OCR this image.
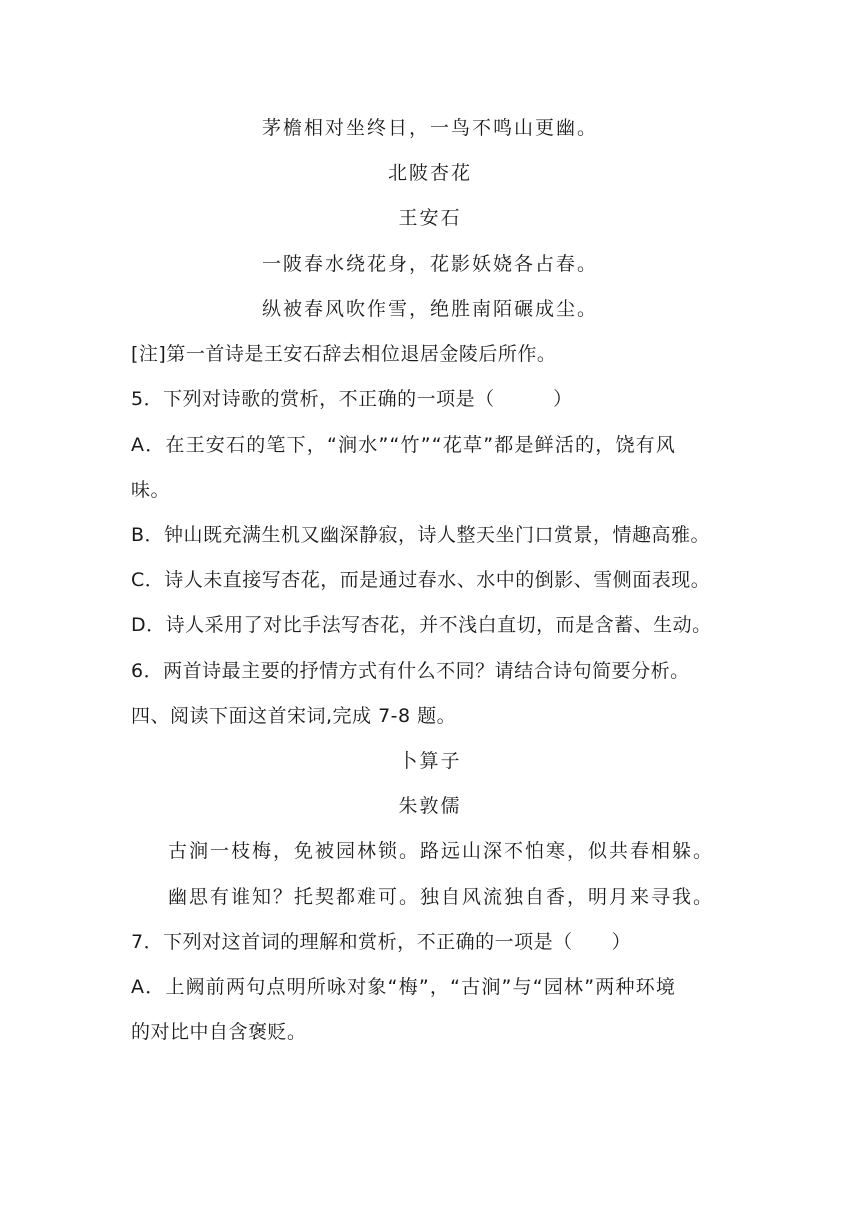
茅檐相对坐终日，一鸟不鸣山更幽。
北陂杏花
王安石
一陂春水绕花身，花影妖娆各占春。
纵被春风吹作雪，绝胜南陌碾成尘。
[注]第一首诗是王安石辞去相位退居金陵后所作。
5．下列对诗歌的赏析，不正确的一项是（　　　）
A．在王安石的笔下，“涧水”“竹”“花草”都是鲜活的，饶有风
味。
B．钟山既充满生机又幽深静寂，诗人整天坐门口赏景，情趣高雅。
C．诗人未直接写杏花，而是通过春水、水中的倒影、雪侧面表现。
D．诗人采用了对比手法写杏花，并不浅白直切，而是含蓄、生动。
6．两首诗最主要的抒情方式有什么不同？请结合诗句简要分析。
四、阅读下面这首宋词,完成 7-8 题。
卜算子
朱敦儒
古涧一枝梅，免被园林锁。路远山深不怕寒，似共春相躲。
幽思有谁知？托契都难可。独自风流独自香，明月来寻我。
7．下列对这首词的理解和赏析，不正确的一项是（　　）
A．上阙前两句点明所咏对象“梅”，“古涧”与“园林”两种环境
的对比中自含褒贬。
